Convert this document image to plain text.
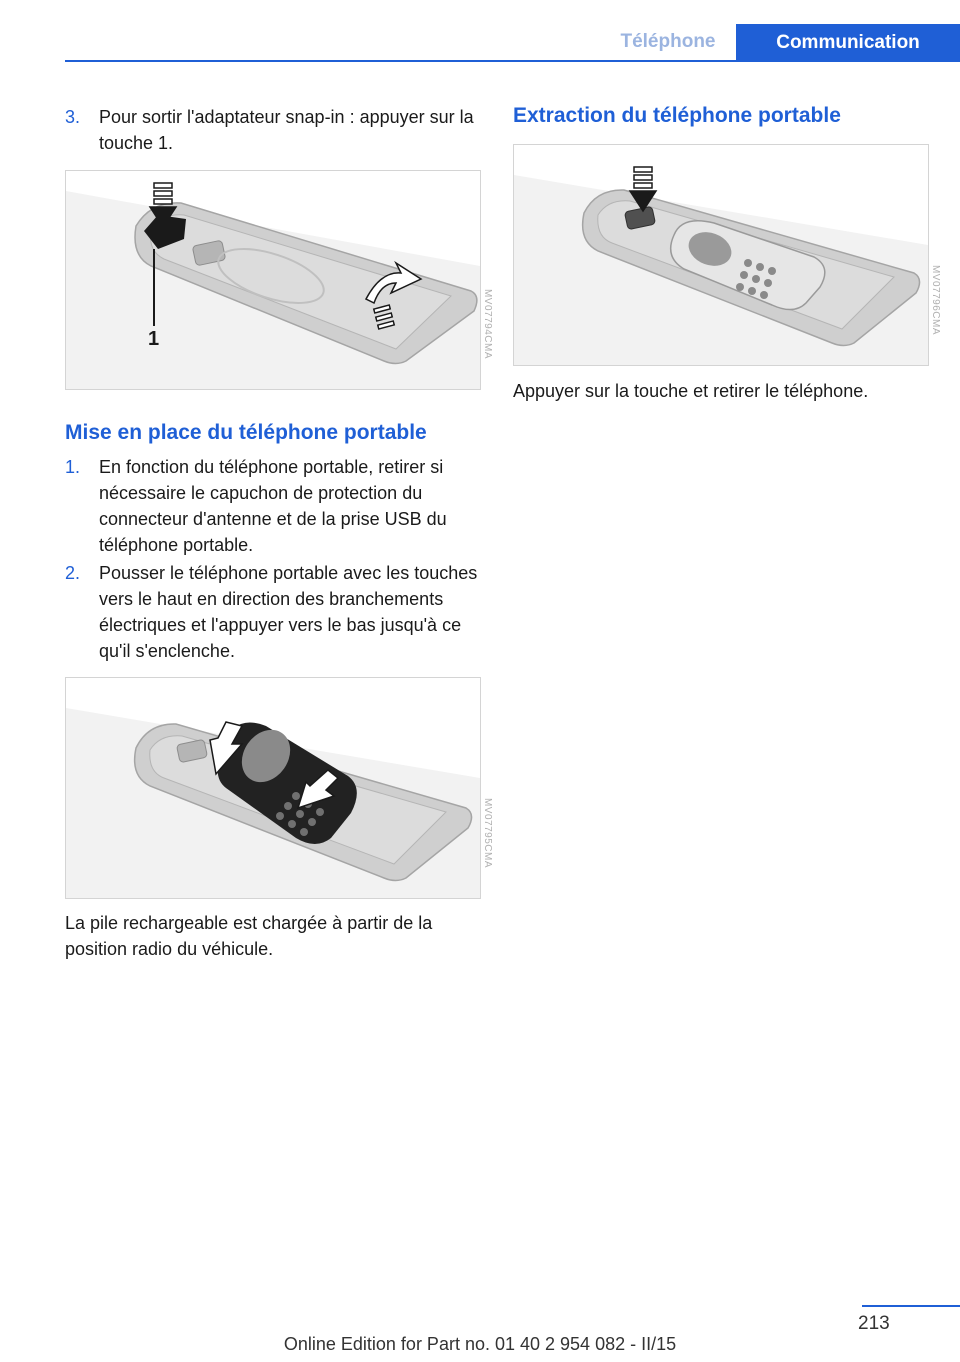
Téléphone	Communication
3.	Pour sortir l'adaptateur snap-in : appuyer sur la touche 1.
1	MV07794CMA
Mise en place du téléphone portable
1.	En fonction du téléphone portable, retirer si nécessaire le capuchon de protection du connecteur d'antenne et de la prise USB du téléphone portable.
2.	Pousser le téléphone portable avec les touches vers le haut en direction des branchements électriques et l'appuyer vers le bas jusqu'à ce qu'il s'enclenche.
MV07795CMA

La pile rechargeable est chargée à partir de la position radio du véhicule.

Extraction du téléphone portable
MV07796CMA

Appuyer sur la touche et retirer le téléphone.

213
Online Edition for Part no. 01 40 2 954 082 - II/15
